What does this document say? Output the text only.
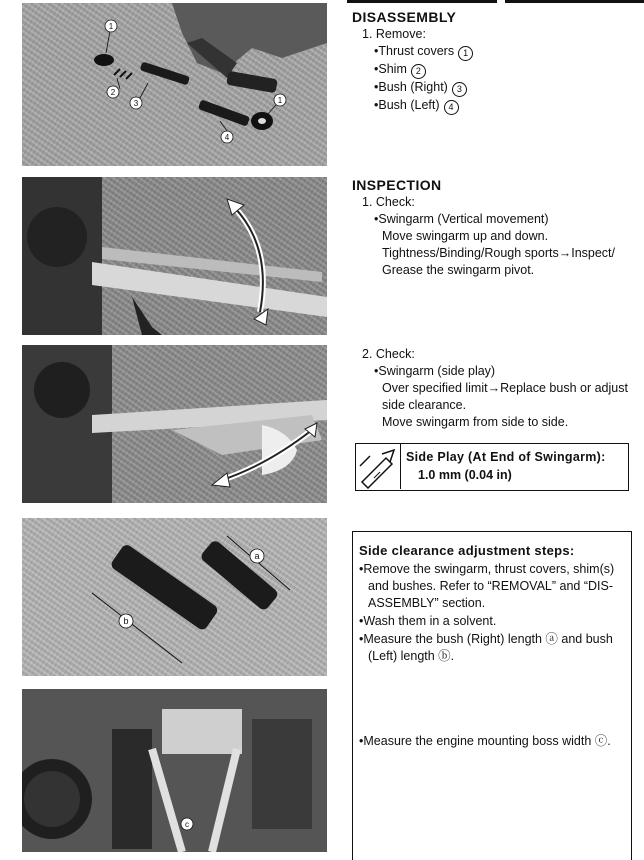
1
2
3
4
1
a
b
c
DISASSEMBLY
1. Remove:
•Thrust covers 1
•Shim 2
•Bush (Right) 3
•Bush (Left) 4
INSPECTION
1. Check:
•Swingarm (Vertical movement)
Move swingarm up and down.
Tightness/Binding/Rough sports→Inspect/
Grease the swingarm pivot.
2. Check:
•Swingarm (side play)
Over specified limit→Replace bush or adjust
side clearance.
Move swingarm from side to side.
Side Play (At End of Swingarm):
1.0 mm (0.04 in)
Side clearance adjustment steps:
•Remove the swingarm, thrust covers, shim(s) and bushes. Refer to “REMOVAL” and “DIS-ASSEMBLY” section.
•Wash them in a solvent.
•Measure the bush (Right) length ⓐ and bush (Left) length ⓑ.
•Measure the engine mounting boss width ⓒ.
